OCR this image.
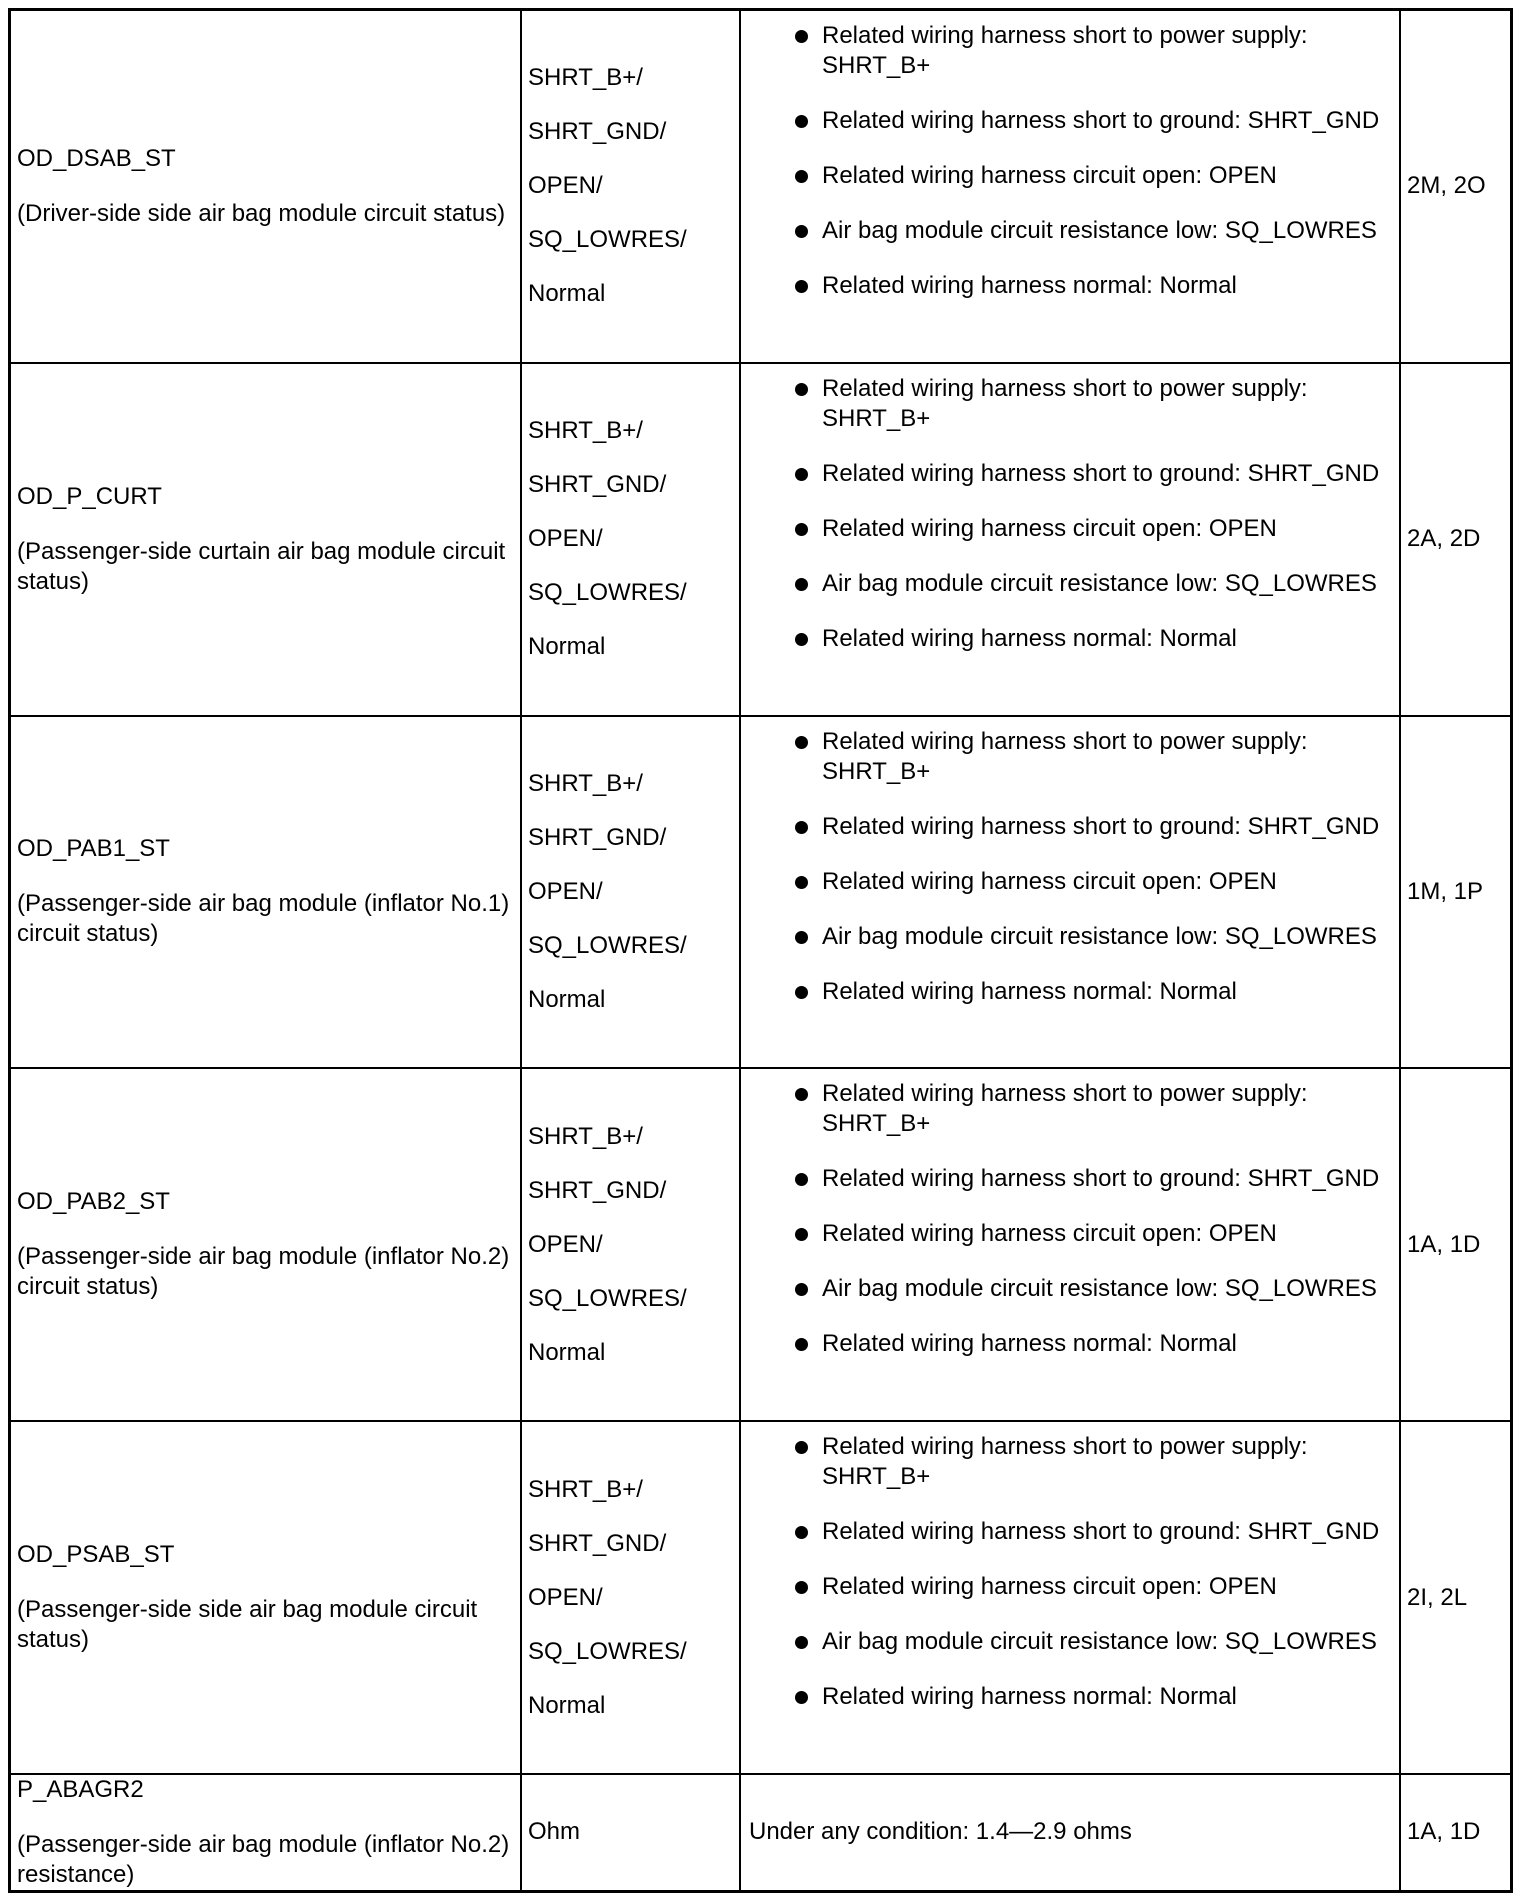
OD_DSAB_ST
(Driver-side side air bag module circuit status)
SHRT_B+/
SHRT_GND/
OPEN/
SQ_LOWRES/
Normal
Related wiring harness short to power supply: SHRT_B+
Related wiring harness short to ground: SHRT_GND
Related wiring harness circuit open: OPEN
Air bag module circuit resistance low: SQ_LOWRES
Related wiring harness normal: Normal
2M, 2O
OD_P_CURT
(Passenger-side curtain air bag module circuit status)
SHRT_B+/
SHRT_GND/
OPEN/
SQ_LOWRES/
Normal
Related wiring harness short to power supply: SHRT_B+
Related wiring harness short to ground: SHRT_GND
Related wiring harness circuit open: OPEN
Air bag module circuit resistance low: SQ_LOWRES
Related wiring harness normal: Normal
2A, 2D
OD_PAB1_ST
(Passenger-side air bag module (inflator No.1) circuit status)
SHRT_B+/
SHRT_GND/
OPEN/
SQ_LOWRES/
Normal
Related wiring harness short to power supply: SHRT_B+
Related wiring harness short to ground: SHRT_GND
Related wiring harness circuit open: OPEN
Air bag module circuit resistance low: SQ_LOWRES
Related wiring harness normal: Normal
1M, 1P
OD_PAB2_ST
(Passenger-side air bag module (inflator No.2) circuit status)
SHRT_B+/
SHRT_GND/
OPEN/
SQ_LOWRES/
Normal
Related wiring harness short to power supply: SHRT_B+
Related wiring harness short to ground: SHRT_GND
Related wiring harness circuit open: OPEN
Air bag module circuit resistance low: SQ_LOWRES
Related wiring harness normal: Normal
1A, 1D
OD_PSAB_ST
(Passenger-side side air bag module circuit status)
SHRT_B+/
SHRT_GND/
OPEN/
SQ_LOWRES/
Normal
Related wiring harness short to power supply: SHRT_B+
Related wiring harness short to ground: SHRT_GND
Related wiring harness circuit open: OPEN
Air bag module circuit resistance low: SQ_LOWRES
Related wiring harness normal: Normal
2I, 2L
P_ABAGR2
(Passenger-side air bag module (inflator No.2) resistance)
Ohm	Under any condition: 1.4—2.9 ohms	1A, 1D
